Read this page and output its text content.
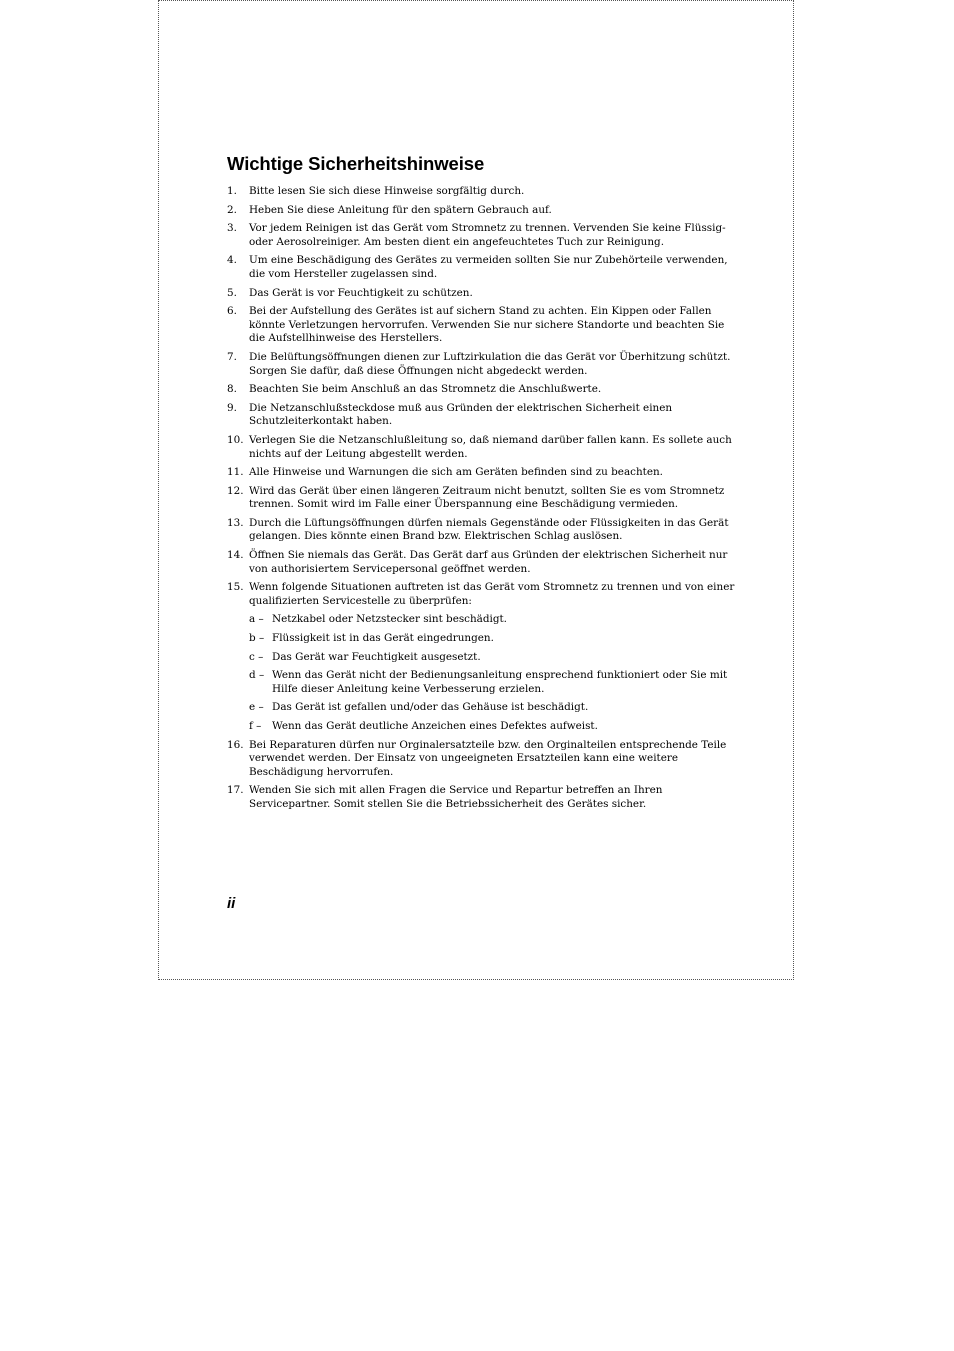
Wichtige Sicherheitshinweise
1.	Bitte lesen Sie sich diese Hinweise sorgfältig durch.
2.	Heben Sie diese Anleitung für den spätern Gebrauch auf.
3.	Vor jedem Reinigen ist das Gerät vom Stromnetz zu trennen. Vervenden Sie keine Flüssig- oder Aerosolreiniger. Am besten dient ein angefeuchtetes Tuch zur Reinigung.
4.	Um eine Beschädigung des Gerätes zu vermeiden sollten Sie nur Zubehörteile verwenden, die vom Hersteller zugelassen sind.
5.	Das Gerät is vor Feuchtigkeit zu schützen.
6.	Bei der Aufstellung des Gerätes ist auf sichern Stand zu achten. Ein Kippen oder Fallen könnte Verletzungen hervorrufen. Verwenden Sie nur sichere Standorte und beachten Sie die Aufstellhinweise des Herstellers.
7.	Die Belüftungsöffnungen dienen zur Luftzirkulation die das Gerät vor Überhitzung schützt. Sorgen Sie dafür, daß diese Öffnungen nicht abgedeckt werden.
8.	Beachten Sie beim Anschluß an das Stromnetz die Anschlußwerte.
9.	Die Netzanschlußsteckdose muß aus Gründen der elektrischen Sicherheit einen Schutzleiterkontakt haben.
10. Verlegen Sie die Netzanschlußleitung so, daß niemand darüber fallen kann. Es sollete auch nichts auf der Leitung abgestellt werden.
11. Alle Hinweise und Warnungen die sich am Geräten befinden sind zu beachten.
12. Wird das Gerät über einen längeren Zeitraum nicht benutzt, sollten Sie es vom Stromnetz trennen. Somit wird im Falle einer Überspannung eine Beschädigung vermieden.
13. Durch die Lüftungsöffnungen dürfen niemals Gegenstände oder Flüssigkeiten in das Gerät gelangen. Dies könnte einen Brand bzw. Elektrischen Schlag auslösen.
14. Öffnen Sie niemals das Gerät. Das Gerät darf aus Gründen der elektrischen Sicherheit nur von authorisiertem Servicepersonal geöffnet werden.
15. Wenn folgende Situationen auftreten ist das Gerät vom Stromnetz zu trennen und von einer qualifizierten Servicestelle zu überprüfen:
a – Netzkabel oder Netzstecker sint beschädigt.
b – Flüssigkeit ist in das Gerät eingedrungen.
c – Das Gerät war Feuchtigkeit ausgesetzt.
d – Wenn das Gerät nicht der Bedienungsanleitung ensprechend funktioniert oder Sie mit Hilfe dieser Anleitung keine Verbesserung erzielen.
e – Das Gerät ist gefallen und/oder das Gehäuse ist beschädigt.
f –	Wenn das Gerät deutliche Anzeichen eines Defektes aufweist.
16. Bei Reparaturen dürfen nur Orginalersatzteile bzw. den Orginalteilen entsprechende Teile verwendet werden. Der Einsatz von ungeeigneten Ersatzteilen kann eine weitere Beschädigung hervorrufen.
17. Wenden Sie sich mit allen Fragen die Service und Repartur betreffen an Ihren Servicepartner. Somit stellen Sie die Betriebssicherheit des Gerätes sicher.
ii
